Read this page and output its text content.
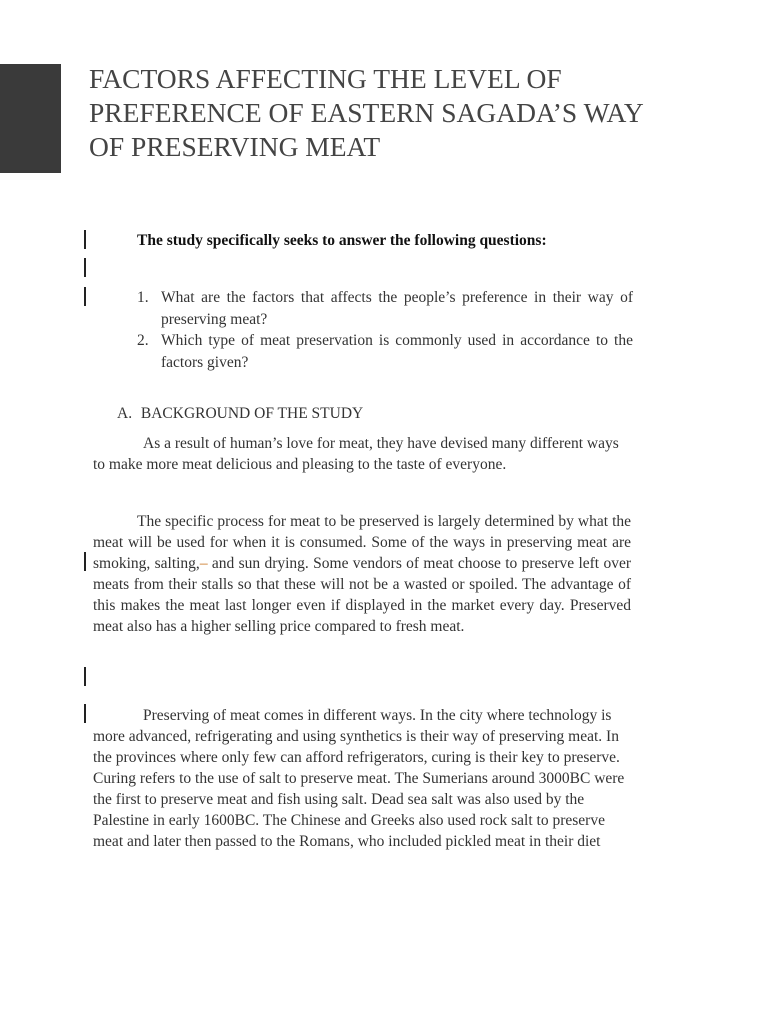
FACTORS AFFECTING THE LEVEL OF PREFERENCE OF EASTERN SAGADA’S WAY OF PRESERVING MEAT
The study specifically seeks to answer the following questions:
1. What are the factors that affects the people’s preference in their way of preserving meat?
2. Which type of meat preservation is commonly used in accordance to the factors given?
A. BACKGROUND OF THE STUDY

As a result of human’s love for meat, they have devised many different ways to make more meat delicious and pleasing to the taste of everyone.

The specific process for meat to be preserved is largely determined by what the meat will be used for when it is consumed. Some of the ways in preserving meat are smoking, salting,– and sun drying. Some vendors of meat choose to preserve left over meats from their stalls so that these will not be a wasted or spoiled. The advantage of this makes the meat last longer even if displayed in the market every day. Preserved meat also has a higher selling price compared to fresh meat.

Preserving of meat comes in different ways. In the city where technology is more advanced, refrigerating and using synthetics is their way of preserving meat. In the provinces where only few can afford refrigerators, curing is their key to preserve. Curing refers to the use of salt to preserve meat. The Sumerians around 3000BC were the first to preserve meat and fish using salt. Dead sea salt was also used by the Palestine in early 1600BC. The Chinese and Greeks also used rock salt to preserve meat and later then passed to the Romans, who included pickled meat in their diet
